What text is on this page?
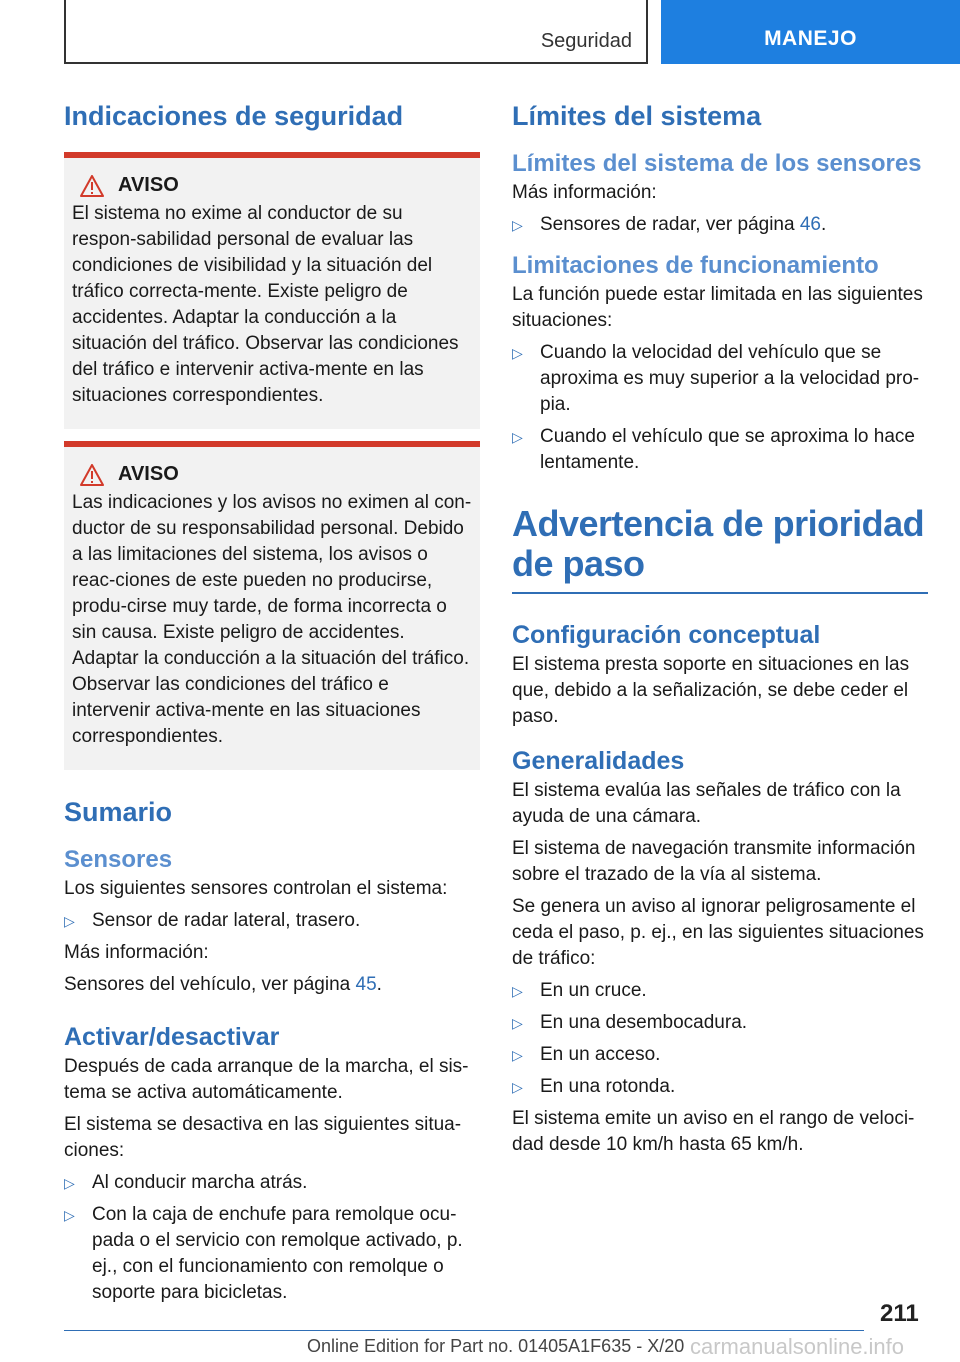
Seguridad	MANEJO
Indicaciones de seguridad
AVISO

El sistema no exime al conductor de su respon-sabilidad personal de evaluar las condiciones de visibilidad y la situación del tráfico correcta-mente. Existe peligro de accidentes. Adaptar la conducción a la situación del tráfico. Observar las condiciones del tráfico e intervenir activa-mente en las situaciones correspondientes.

AVISO

Las indicaciones y los avisos no eximen al con-ductor de su responsabilidad personal. Debido a las limitaciones del sistema, los avisos o reac-ciones de este pueden no producirse, produ-cirse muy tarde, de forma incorrecta o sin causa. Existe peligro de accidentes. Adaptar la conducción a la situación del tráfico. Observar las condiciones del tráfico e intervenir activa-mente en las situaciones correspondientes.

Sumario
Sensores

Los siguientes sensores controlan el sistema:

▷ Sensor de radar lateral, trasero.

Más información:

Sensores del vehículo, ver página 45.

Activar/desactivar

Después de cada arranque de la marcha, el sis-tema se activa automáticamente.

El sistema se desactiva en las siguientes situa-ciones:

▷ Al conducir marcha atrás.
▷ Con la caja de enchufe para remolque ocu-pada o el servicio con remolque activado, p. ej., con el funcionamiento con remolque o soporte para bicicletas.
Límites del sistema
Límites del sistema de los sensores

Más información:

▷ Sensores de radar, ver página 46.
Limitaciones de funcionamiento

La función puede estar limitada en las siguientes situaciones:

▷ Cuando la velocidad del vehículo que se aproxima es muy superior a la velocidad pro-pia.
▷ Cuando el vehículo que se aproxima lo hace lentamente.
Advertencia de prioridad de paso
Configuración conceptual

El sistema presta soporte en situaciones en las que, debido a la señalización, se debe ceder el paso.

Generalidades

El sistema evalúa las señales de tráfico con la ayuda de una cámara.

El sistema de navegación transmite información sobre el trazado de la vía al sistema.

Se genera un aviso al ignorar peligrosamente el ceda el paso, p. ej., en las siguientes situaciones de tráfico:

▷ En un cruce.
▷ En una desembocadura.
▷ En un acceso.
▷ En una rotonda.

El sistema emite un aviso en el rango de veloci-dad desde 10 km/h hasta 65 km/h.

211
Online Edition for Part no. 01405A1F635 - X/20 carmanualsonline.info
